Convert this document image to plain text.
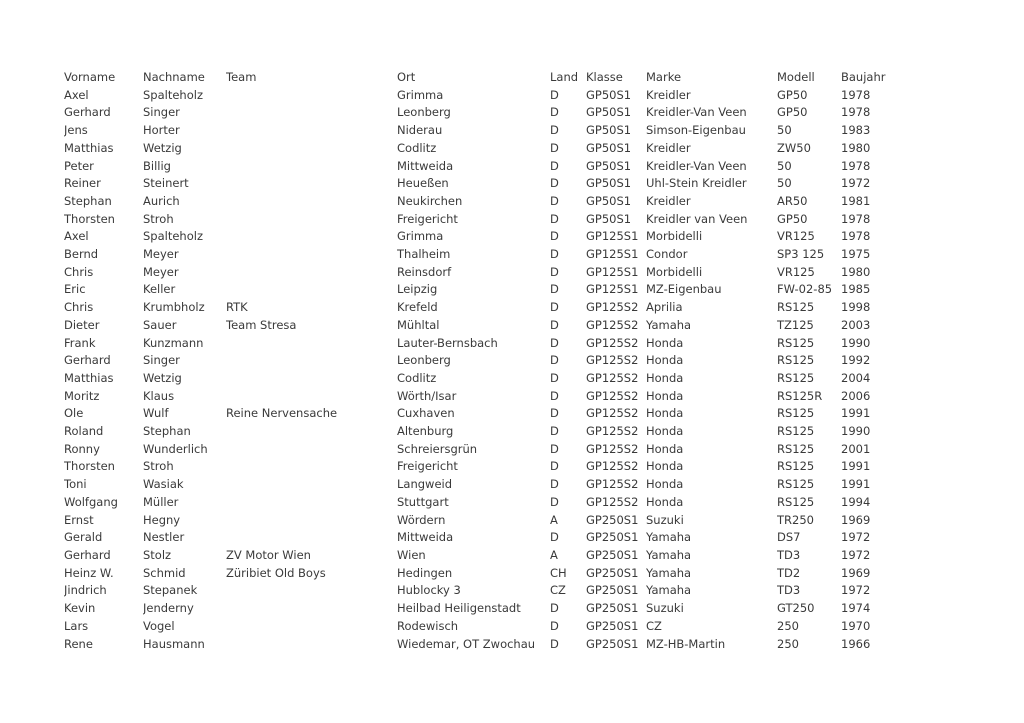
Vorname	Nachname	Team	Ort	Land	Klasse	Marke	Modell	Baujahr
Axel	Spalteholz		Grimma	D	GP50S1	Kreidler	GP50	1978
Gerhard	Singer		Leonberg	D	GP50S1	Kreidler-Van Veen	GP50	1978
Jens	Horter		Niderau	D	GP50S1	Simson-Eigenbau	50	1983
Matthias	Wetzig		Codlitz	D	GP50S1	Kreidler	ZW50	1980
Peter	Billig		Mittweida	D	GP50S1	Kreidler-Van Veen	50	1978
Reiner	Steinert		Heueßen	D	GP50S1	Uhl-Stein Kreidler	50	1972
Stephan	Aurich		Neukirchen	D	GP50S1	Kreidler	AR50	1981
Thorsten	Stroh		Freigericht	D	GP50S1	Kreidler van Veen	GP50	1978
Axel	Spalteholz		Grimma	D	GP125S1	Morbidelli	VR125	1978
Bernd	Meyer		Thalheim	D	GP125S1	Condor	SP3 125	1975
Chris	Meyer		Reinsdorf	D	GP125S1	Morbidelli	VR125	1980
Eric	Keller		Leipzig	D	GP125S1	MZ-Eigenbau	FW-02-85	1985
Chris	Krumbholz	RTK	Krefeld	D	GP125S2	Aprilia	RS125	1998
Dieter	Sauer	Team Stresa	Mühltal	D	GP125S2	Yamaha	TZ125	2003
Frank	Kunzmann		Lauter-Bernsbach	D	GP125S2	Honda	RS125	1990
Gerhard	Singer		Leonberg	D	GP125S2	Honda	RS125	1992
Matthias	Wetzig		Codlitz	D	GP125S2	Honda	RS125	2004
Moritz	Klaus		Wörth/Isar	D	GP125S2	Honda	RS125R	2006
Ole	Wulf	Reine Nervensache	Cuxhaven	D	GP125S2	Honda	RS125	1991
Roland	Stephan		Altenburg	D	GP125S2	Honda	RS125	1990
Ronny	Wunderlich		Schreiersgrün	D	GP125S2	Honda	RS125	2001
Thorsten	Stroh		Freigericht	D	GP125S2	Honda	RS125	1991
Toni	Wasiak		Langweid	D	GP125S2	Honda	RS125	1991
Wolfgang	Müller		Stuttgart	D	GP125S2	Honda	RS125	1994
Ernst	Hegny		Wördern	A	GP250S1	Suzuki	TR250	1969
Gerald	Nestler		Mittweida	D	GP250S1	Yamaha	DS7	1972
Gerhard	Stolz	ZV Motor Wien	Wien	A	GP250S1	Yamaha	TD3	1972
Heinz W.	Schmid	Züribiet Old Boys	Hedingen	CH	GP250S1	Yamaha	TD2	1969
Jindrich	Stepanek		Hublocky 3	CZ	GP250S1	Yamaha	TD3	1972
Kevin	Jenderny		Heilbad Heiligenstadt	D	GP250S1	Suzuki	GT250	1974
Lars	Vogel		Rodewisch	D	GP250S1	CZ	250	1970
Rene	Hausmann		Wiedemar, OT Zwochau	D	GP250S1	MZ-HB-Martin	250	1966
